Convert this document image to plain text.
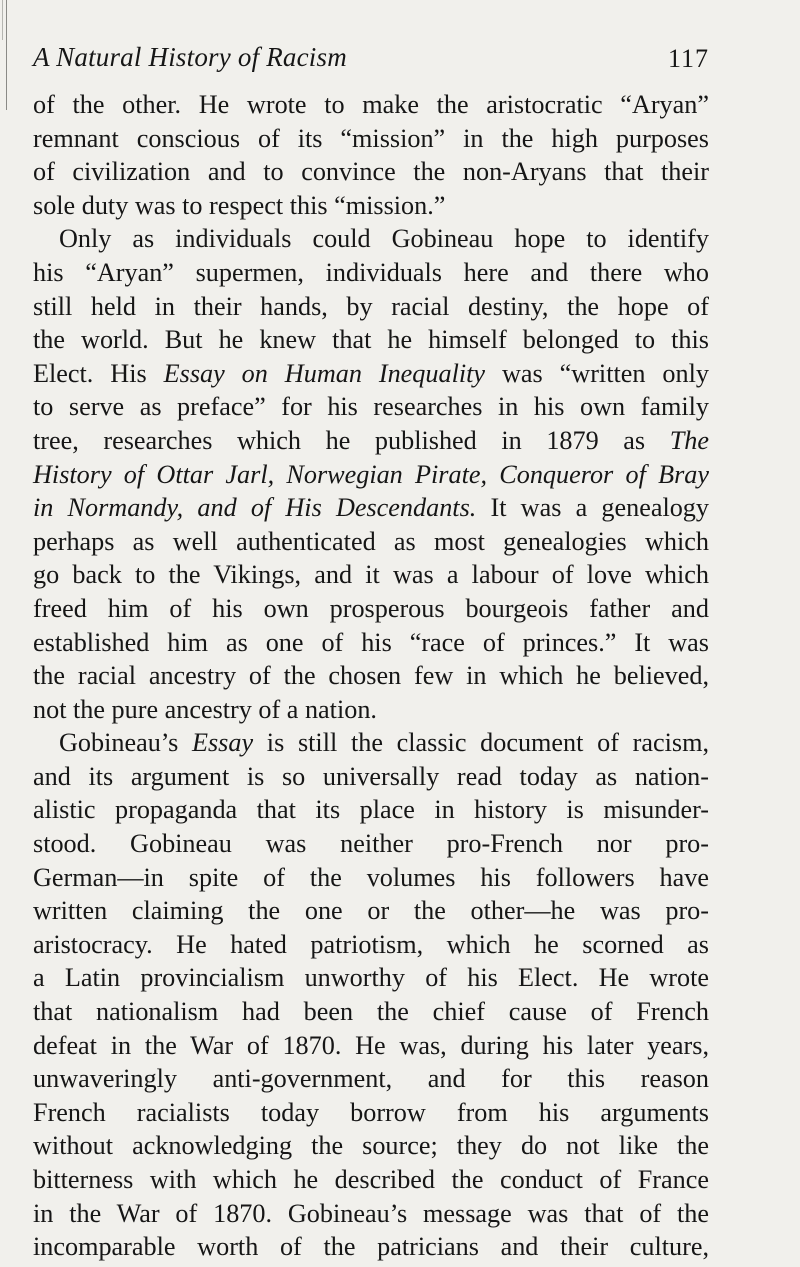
A Natural History of Racism	117
of the other. He wrote to make the aristocratic “Aryan”
remnant conscious of its “mission” in the high purposes
of civilization and to convince the non-Aryans that their
sole duty was to respect this “mission.”
Only as individuals could Gobineau hope to identify
his “Aryan” supermen, individuals here and there who
still held in their hands, by racial destiny, the hope of
the world. But he knew that he himself belonged to this
Elect. His Essay on Human Inequality was “written only
to serve as preface” for his researches in his own family
tree, researches which he published in 1879 as The
History of Ottar Jarl, Norwegian Pirate, Conqueror of Bray
in Normandy, and of His Descendants. It was a genealogy
perhaps as well authenticated as most genealogies which
go back to the Vikings, and it was a labour of love which
freed him of his own prosperous bourgeois father and
established him as one of his “race of princes.” It was
the racial ancestry of the chosen few in which he believed,
not the pure ancestry of a nation.
Gobineau’s Essay is still the classic document of racism,
and its argument is so universally read today as nation-
alistic propaganda that its place in history is misunder-
stood. Gobineau was neither pro-French nor pro-
German—in spite of the volumes his followers have
written claiming the one or the other—he was pro-
aristocracy. He hated patriotism, which he scorned as
a Latin provincialism unworthy of his Elect. He wrote
that nationalism had been the chief cause of French
defeat in the War of 1870. He was, during his later years,
unwaveringly anti-government, and for this reason
French racialists today borrow from his arguments
without acknowledging the source; they do not like the
bitterness with which he described the conduct of France
in the War of 1870. Gobineau’s message was that of the
incomparable worth of the patricians and their culture,
